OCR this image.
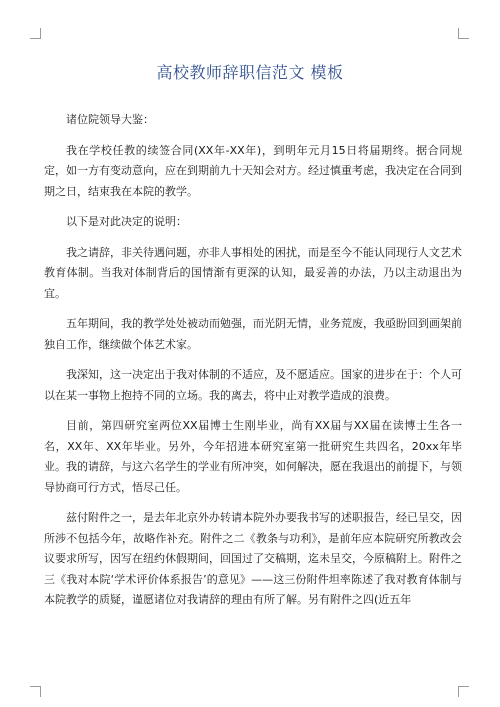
高校教师辞职信范文 模板

诸位院领导大鉴：

我在学校任教的续签合同(XX年-XX年)，到明年元月15日将届期终。据合同规定，如一方有变动意向，应在到期前九十天知会对方。经过慎重考虑，我决定在合同到期之日，结束我在本院的教学。

以下是对此决定的说明：

我之请辞，非关待遇问题，亦非人事相处的困扰，而是至今不能认同现行人文艺术教育体制。当我对体制背后的国情渐有更深的认知，最妥善的办法，乃以主动退出为宜。

五年期间，我的教学处处被动而勉强，而光阴无情，业务荒废，我亟盼回到画架前独自工作，继续做个体艺术家。

我深知，这一决定出于我对体制的不适应，及不愿适应。国家的进步在于：个人可以在某一事物上抱持不同的立场。我的离去，将中止对教学造成的浪费。

目前，第四研究室两位XX届博士生刚毕业，尚有XX届与XX届在读博士生各一名，XX年、XX年毕业。另外，今年招进本研究室第一批研究生共四名，20xx年毕业。我的请辞，与这六名学生的学业有所冲突，如何解决，愿在我退出的前提下，与领导协商可行方式，悟尽己任。

兹付附件之一，是去年北京外办转请本院外办要我书写的述职报告，经已呈交，因所涉不包括今年，故略作补充。附件之二《教条与功利》，是前年应本院研究所教改会议要求所写，因写在纽约休假期间，回国过了交稿期，迄未呈交，今原稿附上。附件之三《我对本院‘学术评价体系报告’的意见》——这三份附件坦率陈述了我对教育体制与本院教学的质疑，谨愿诸位对我请辞的理由有所了解。另有附件之四(近五年
